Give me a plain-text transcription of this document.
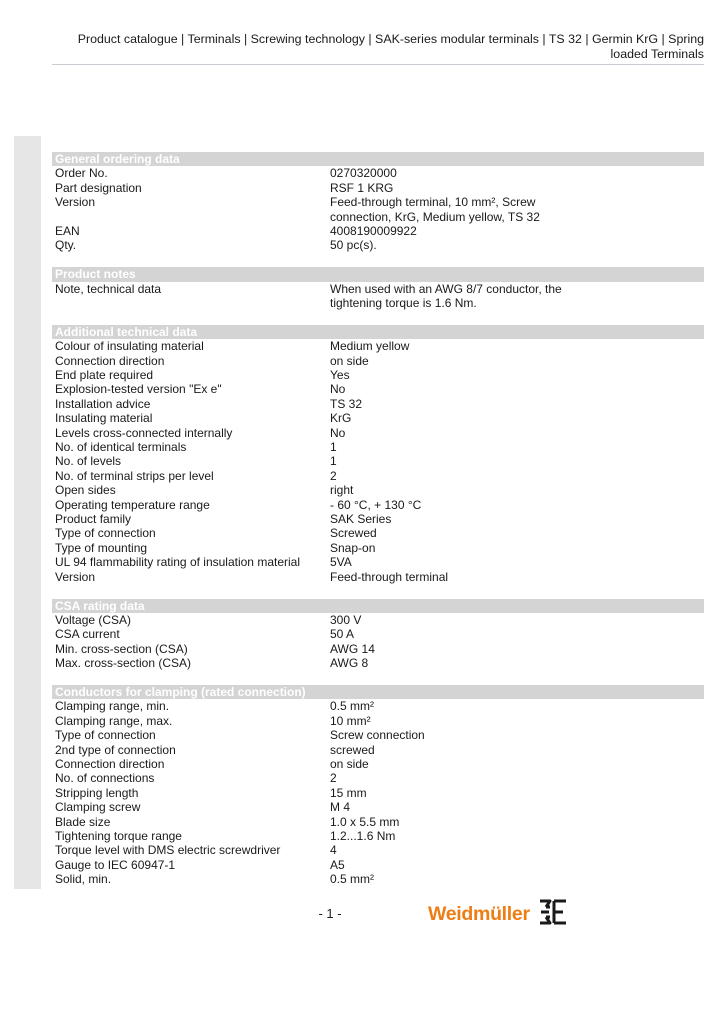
Product catalogue | Terminals | Screwing technology | SAK-series modular terminals | TS 32 | Germin KrG | Spring loaded Terminals
General ordering data
Order No.	0270320000
Part designation	RSF 1 KRG
Version	Feed-through terminal, 10 mm², Screw
connection, KrG, Medium yellow, TS 32
EAN	4008190009922
Qty.	50 pc(s).
Product notes
Note, technical data	When used with an AWG 8/7 conductor, the
tightening torque is 1.6 Nm.
Additional technical data
Colour of insulating material	Medium yellow
Connection direction	on side
End plate required	Yes
Explosion-tested version "Ex e"	No
Installation advice	TS 32
Insulating material	KrG
Levels cross-connected internally	No
No. of identical terminals	1
No. of levels	1
No. of terminal strips per level	2
Open sides	right
Operating temperature range	- 60 °C, + 130 °C
Product family	SAK Series
Type of connection	Screwed
Type of mounting	Snap-on
UL 94 flammability rating of insulation material	5VA
Version	Feed-through terminal
CSA rating data
Voltage (CSA)	300 V
CSA current	50 A
Min. cross-section (CSA)	AWG 14
Max. cross-section (CSA)	AWG 8
Conductors for clamping (rated connection)
Clamping range, min.	0.5 mm²
Clamping range, max.	10 mm²
Type of connection	Screw connection
2nd type of connection	screwed
Connection direction	on side
No. of connections	2
Stripping length	15 mm
Clamping screw	M 4
Blade size	1.0 x 5.5 mm
Tightening torque range	1.2...1.6 Nm
Torque level with DMS electric screwdriver	4
Gauge to IEC 60947-1	A5
Solid, min.	0.5 mm²
- 1 -	Weidmüller
